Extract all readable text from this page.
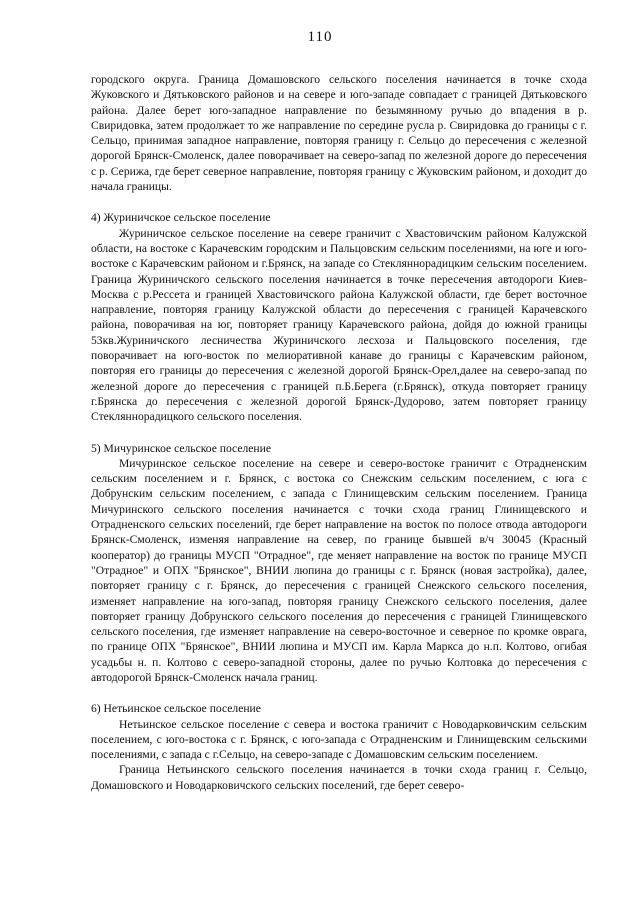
110

городского округа. Граница Домашовского сельского поселения начинается в точке схода Жуковского и Дятьковского районов и на севере и юго-западе совпадает с границей Дятьковского района. Далее берет юго-западное направление по безымянному ручью до впадения в р. Свиридовка, затем продолжает то же направление по середине русла р. Свиридовка до границы с г. Сельцо, принимая западное направление, повторяя границу г. Сельцо до пересечения с железной дорогой Брянск-Смоленск, далее поворачивает на северо-запад по железной дороге до пересечения с р. Серижа, где берет северное направление, повторяя границу с Жуковским районом, и доходит до начала границы.

4) Журиничское сельское поселение

Журиничское сельское поселение на севере граничит с Хвастовичским районом Калужской области, на востоке с Карачевским городским и Пальцовским сельским поселениями, на юге и юго-востоке с Карачевским районом и г.Брянск, на западе со Стекляннорадицким сельским поселением. Граница Журиничского сельского поселения начинается в точке пересечения автодороги Киев-Москва с р.Рессета и границей Хвастовичского района Калужской области, где берет восточное направление, повторяя границу Калужской области до пересечения с границей Карачевского района, поворачивая на юг, повторяет границу Карачевского района, дойдя до южной границы 53кв.Журиничского лесничества Журиничского лесхоза и Пальцовского поселения, где поворачивает на юго-восток по мелиоративной канаве до границы с Карачевским районом, повторяя его границы до пересечения с железной дорогой Брянск-Орел,далее на северо-запад по железной дороге до пересечения с границей п.Б.Берега (г.Брянск), откуда повторяет границу г.Брянска до пересечения с железной дорогой Брянск-Дудорово, затем повторяет границу Стекляннорадицкого сельского поселения.

5) Мичуринское сельское поселение

Мичуринское сельское поселение на севере и северо-востоке граничит с Отрадненским сельским поселением и г. Брянск, с востока со Снежским сельским поселением, с юга с Добрунским сельским поселением, с запада с Глинищевским сельским поселением. Граница Мичуринского сельского поселения начинается с точки схода границ Глинищевского и Отрадненского сельских поселений, где берет направление на восток по полосе отвода автодороги Брянск-Смоленск, изменяя направление на север, по границе бывшей в/ч 30045 (Красный кооператор) до границы МУСП "Отрадное", где меняет направление на восток по границе МУСП "Отрадное" и ОПХ "Брянское", ВНИИ люпина до границы с г. Брянск (новая застройка), далее, повторяет границу с г. Брянск, до пересечения с границей Снежского сельского поселения, изменяет направление на юго-запад, повторяя границу Снежского сельского поселения, далее повторяет границу Добрунского сельского поселения до пересечения с границей Глинищевского сельского поселения, где изменяет направление на северо-восточное и северное по кромке оврага, по границе ОПХ "Брянское", ВНИИ люпина и МУСП им. Карла Маркса до н.п. Колтово, огибая усадьбы н. п. Колтово с северо-западной стороны, далее по ручью Колтовка до пересечения с автодорогой Брянск-Смоленск начала границ.

6) Нетьинское сельское поселение

Нетьинское сельское поселение с севера и востока граничит с Новодарковичским сельским поселением, с юго-востока с г. Брянск, с юго-запада с Отрадненским и Глинищевским сельскими поселениями, с запада с г.Сельцо, на северо-западе с Домашовским сельским поселением.

Граница Нетьинского сельского поселения начинается в точки схода границ г. Сельцо, Домашовского и Новодарковичского сельских поселений, где берет северо-
